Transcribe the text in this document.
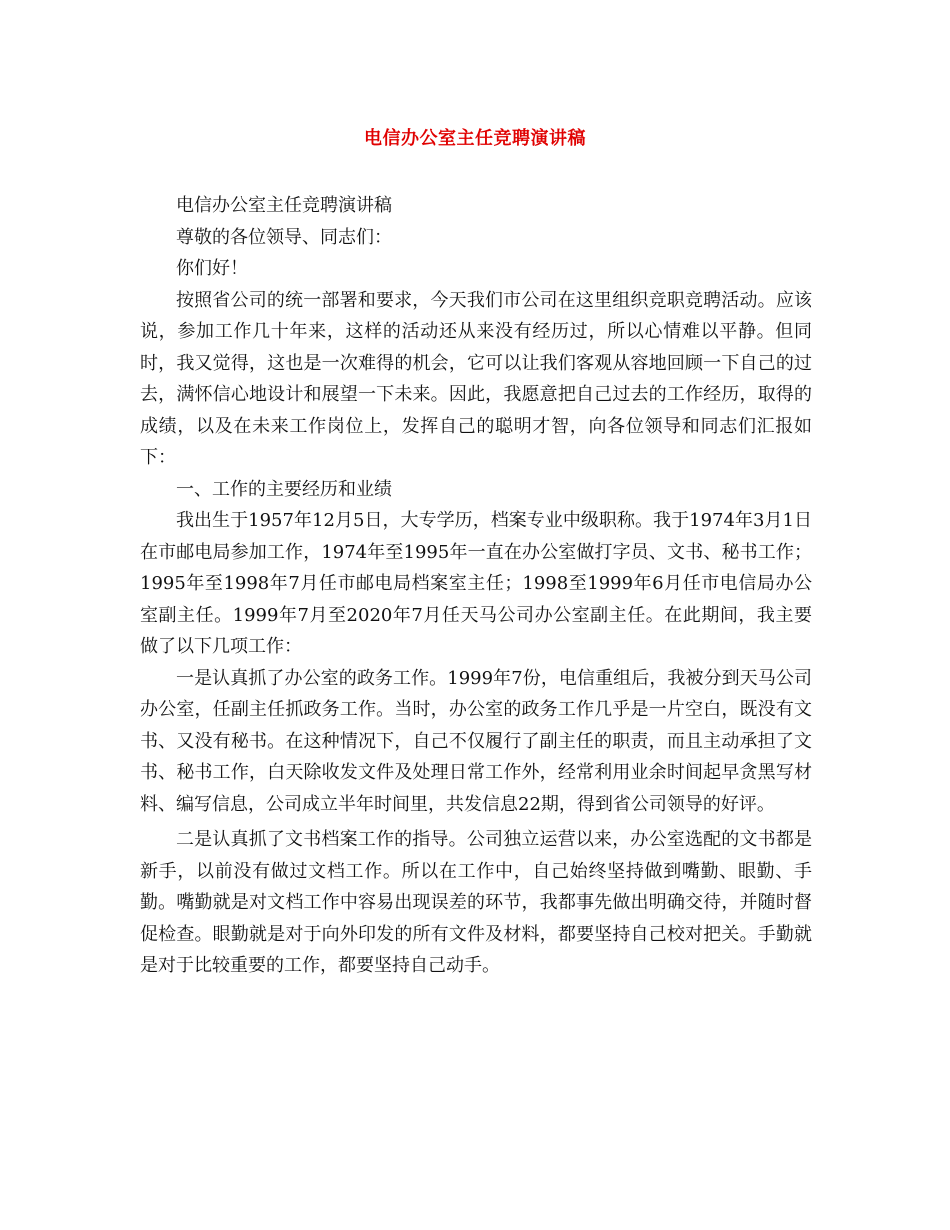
电信办公室主任竞聘演讲稿

电信办公室主任竞聘演讲稿

尊敬的各位领导、同志们：

你们好！

按照省公司的统一部署和要求，今天我们市公司在这里组织竞职竞聘活动。应该说，参加工作几十年来，这样的活动还从来没有经历过，所以心情难以平静。但同时，我又觉得，这也是一次难得的机会，它可以让我们客观从容地回顾一下自己的过去，满怀信心地设计和展望一下未来。因此，我愿意把自己过去的工作经历，取得的成绩，以及在未来工作岗位上，发挥自己的聪明才智，向各位领导和同志们汇报如下：

一、工作的主要经历和业绩

我出生于1957年12月5日，大专学历，档案专业中级职称。我于1974年3月1日在市邮电局参加工作，1974年至1995年一直在办公室做打字员、文书、秘书工作；1995年至1998年7月任市邮电局档案室主任；1998至1999年6月任市电信局办公室副主任。1999年7月至2020年7月任天马公司办公室副主任。在此期间，我主要做了以下几项工作：

一是认真抓了办公室的政务工作。1999年7份，电信重组后，我被分到天马公司办公室，任副主任抓政务工作。当时，办公室的政务工作几乎是一片空白，既没有文书、又没有秘书。在这种情况下，自己不仅履行了副主任的职责，而且主动承担了文书、秘书工作，白天除收发文件及处理日常工作外，经常利用业余时间起早贪黑写材料、编写信息，公司成立半年时间里，共发信息22期，得到省公司领导的好评。

二是认真抓了文书档案工作的指导。公司独立运营以来，办公室选配的文书都是新手，以前没有做过文档工作。所以在工作中，自己始终坚持做到嘴勤、眼勤、手勤。嘴勤就是对文档工作中容易出现误差的环节，我都事先做出明确交待，并随时督促检查。眼勤就是对于向外印发的所有文件及材料，都要坚持自己校对把关。手勤就是对于比较重要的工作，都要坚持自己动手。
